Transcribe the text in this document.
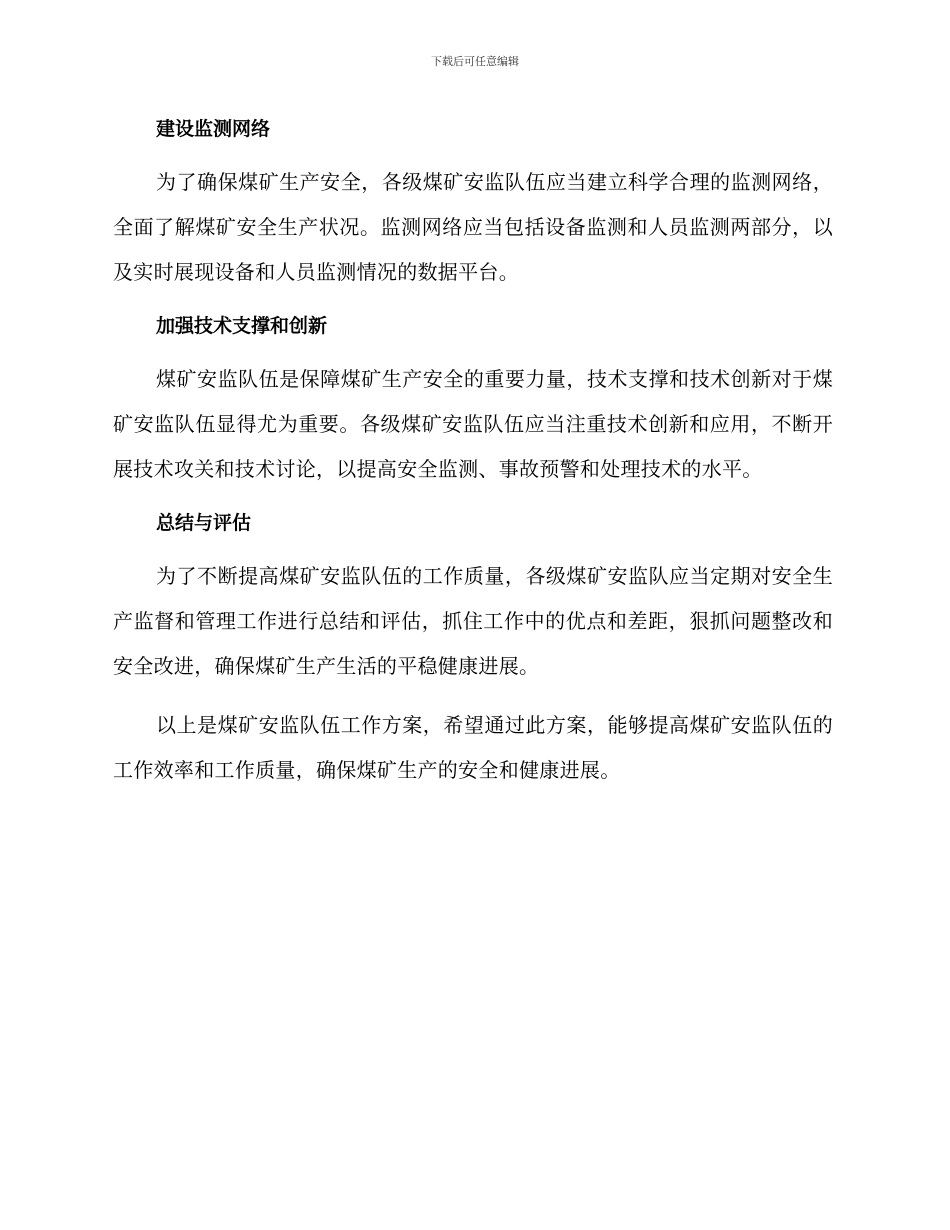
下载后可任意编辑
建设监测网络

为了确保煤矿生产安全，各级煤矿安监队伍应当建立科学合理的监测网络，全面了解煤矿安全生产状况。监测网络应当包括设备监测和人员监测两部分，以及实时展现设备和人员监测情况的数据平台。

加强技术支撑和创新

煤矿安监队伍是保障煤矿生产安全的重要力量，技术支撑和技术创新对于煤矿安监队伍显得尤为重要。各级煤矿安监队伍应当注重技术创新和应用，不断开展技术攻关和技术讨论，以提高安全监测、事故预警和处理技术的水平。

总结与评估

为了不断提高煤矿安监队伍的工作质量，各级煤矿安监队应当定期对安全生产监督和管理工作进行总结和评估，抓住工作中的优点和差距，狠抓问题整改和安全改进，确保煤矿生产生活的平稳健康进展。

以上是煤矿安监队伍工作方案，希望通过此方案，能够提高煤矿安监队伍的工作效率和工作质量，确保煤矿生产的安全和健康进展。
